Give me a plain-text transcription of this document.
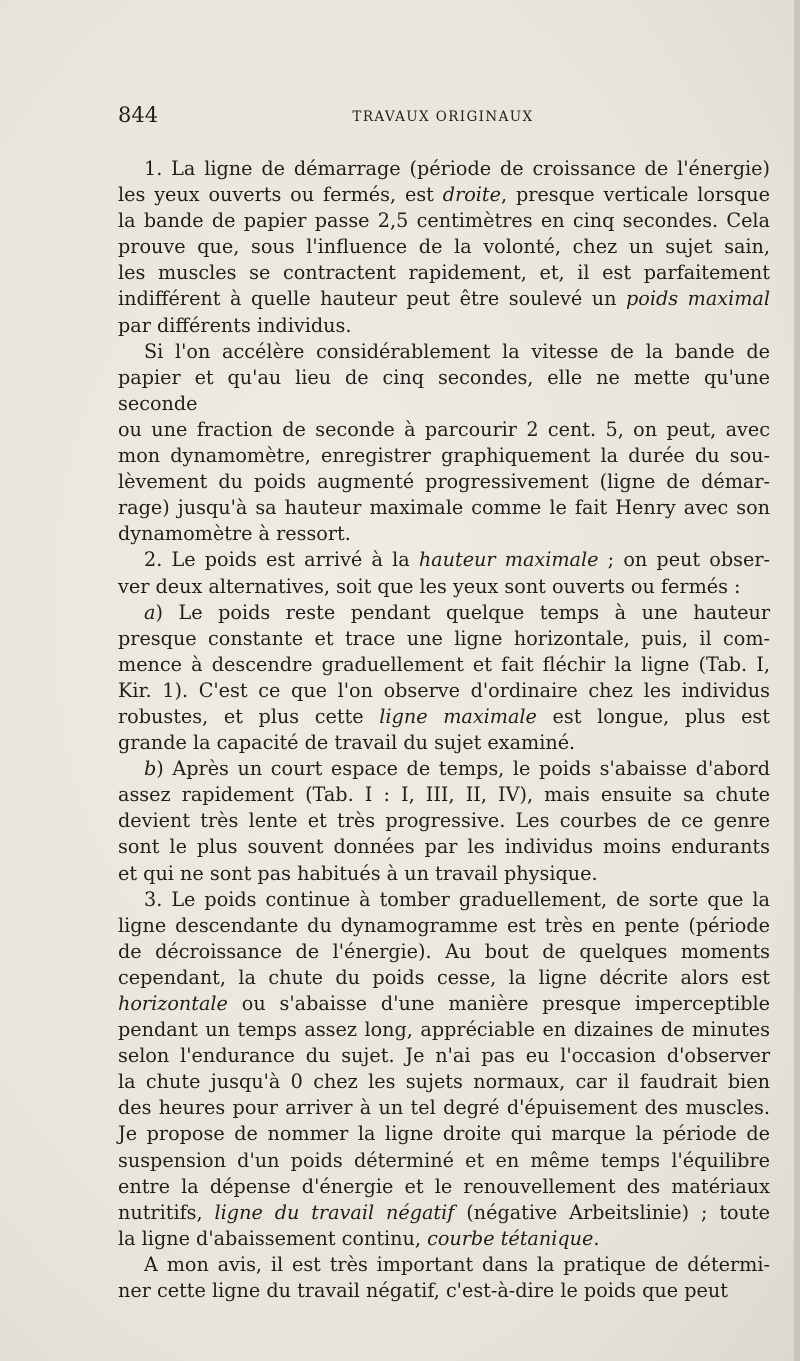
844	TRAVAUX ORIGINAUX

1. La ligne de démarrage (période de croissance de l'énergie)

les yeux ouverts ou fermés, est droite, presque verticale lorsque

la bande de papier passe 2,5 centimètres en cinq secondes. Cela

prouve que, sous l'influence de la volonté, chez un sujet sain,

les muscles se contractent rapidement, et, il est parfaitement

indifférent à quelle hauteur peut être soulevé un poids maximal

par différents individus.

Si l'on accélère considérablement la vitesse de la bande de

papier et qu'au lieu de cinq secondes, elle ne mette qu'une seconde

ou une fraction de seconde à parcourir 2 cent. 5, on peut, avec

mon dynamomètre, enregistrer graphiquement la durée du sou-

lèvement du poids augmenté progressivement (ligne de démar-

rage) jusqu'à sa hauteur maximale comme le fait Henry avec son

dynamomètre à ressort.

2. Le poids est arrivé à la hauteur maximale ; on peut obser-

ver deux alternatives, soit que les yeux sont ouverts ou fermés :

a) Le poids reste pendant quelque temps à une hauteur

presque constante et trace une ligne horizontale, puis, il com-

mence à descendre graduellement et fait fléchir la ligne (Tab. I,

Kir. 1). C'est ce que l'on observe d'ordinaire chez les individus

robustes, et plus cette ligne maximale est longue, plus est

grande la capacité de travail du sujet examiné.

b) Après un court espace de temps, le poids s'abaisse d'abord

assez rapidement (Tab. I : I, III, II, IV), mais ensuite sa chute

devient très lente et très progressive. Les courbes de ce genre

sont le plus souvent données par les individus moins endurants

et qui ne sont pas habitués à un travail physique.

3. Le poids continue à tomber graduellement, de sorte que la

ligne descendante du dynamogramme est très en pente (période

de décroissance de l'énergie). Au bout de quelques moments

cependant, la chute du poids cesse, la ligne décrite alors est

horizontale ou s'abaisse d'une manière presque imperceptible

pendant un temps assez long, appréciable en dizaines de minutes

selon l'endurance du sujet. Je n'ai pas eu l'occasion d'observer

la chute jusqu'à 0 chez les sujets normaux, car il faudrait bien

des heures pour arriver à un tel degré d'épuisement des muscles.

Je propose de nommer la ligne droite qui marque la période de

suspension d'un poids déterminé et en même temps l'équilibre

entre la dépense d'énergie et le renouvellement des matériaux

nutritifs, ligne du travail négatif (négative Arbeitslinie) ; toute

la ligne d'abaissement continu, courbe tétanique.

A mon avis, il est très important dans la pratique de détermi-

ner cette ligne du travail négatif, c'est-à-dire le poids que peut
